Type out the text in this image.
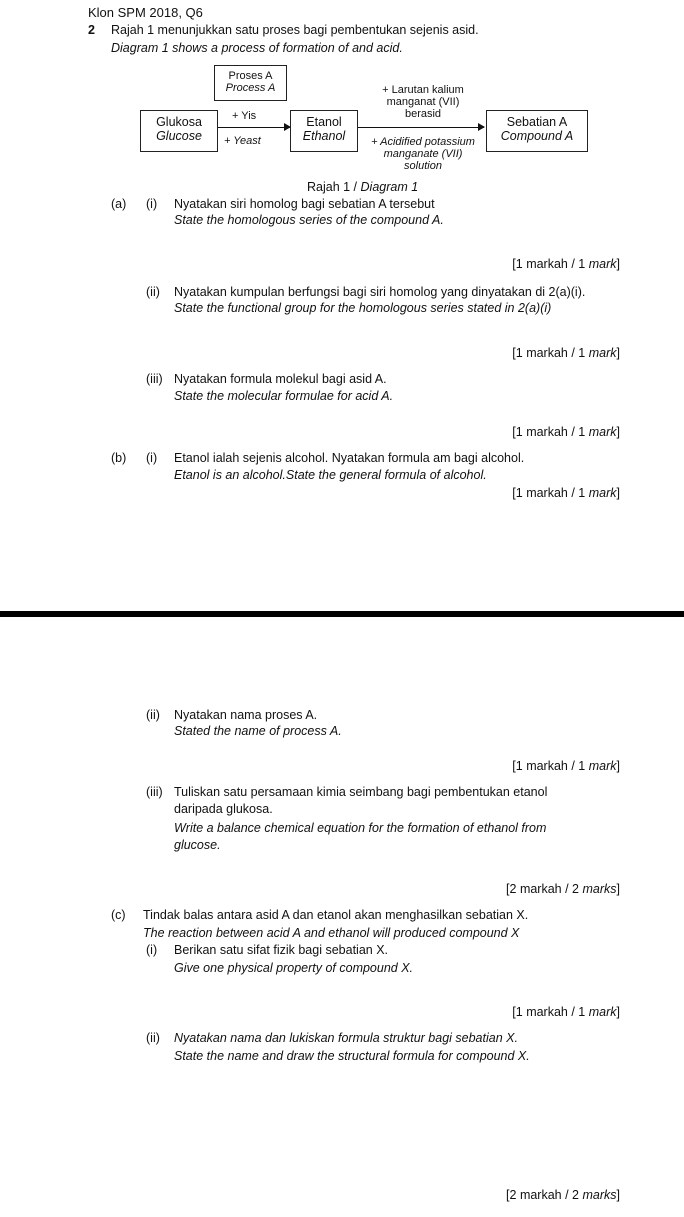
Klon SPM 2018, Q6
2 Rajah 1 menunjukkan satu proses bagi pembentukan sejenis asid.
Diagram 1 shows a process of formation of and acid.
Proses A
Process A
Glukosa
Glucose
+ Yis
+ Yeast
Etanol
Ethanol
+ Larutan kalium
manganat (VII)
berasid
+ Acidified potassium
manganate (VII)
solution
Sebatian A
Compound A
Rajah 1 / Diagram 1
(a) (i) Nyatakan siri homolog bagi sebatian A tersebut
State the homologous series of the compound A.
[1 markah / 1 mark]
(ii) Nyatakan kumpulan berfungsi bagi siri homolog yang dinyatakan di 2(a)(i).
State the functional group for the homologous series stated in 2(a)(i)
[1 markah / 1 mark]
(iii) Nyatakan formula molekul bagi asid A.
State the molecular formulae for acid A.
[1 markah / 1 mark]
(b) (i) Etanol ialah sejenis alcohol. Nyatakan formula am bagi alcohol.
Etanol is an alcohol.State the general formula of alcohol.
[1 markah / 1 mark]
(ii) Nyatakan nama proses A.
Stated the name of process A.
[1 markah / 1 mark]
(iii) Tuliskan satu persamaan kimia seimbang bagi pembentukan etanol
daripada glukosa.
Write a balance chemical equation for the formation of ethanol from
glucose.
[2 markah / 2 marks]
(c) Tindak balas antara asid A dan etanol akan menghasilkan sebatian X.
The reaction between acid A and ethanol will produced compound X
(i) Berikan satu sifat fizik bagi sebatian X.
Give one physical property of compound X.
[1 markah / 1 mark]
(ii) Nyatakan nama dan lukiskan formula struktur bagi sebatian X.
State the name and draw the structural formula for compound X.
[2 markah / 2 marks]
